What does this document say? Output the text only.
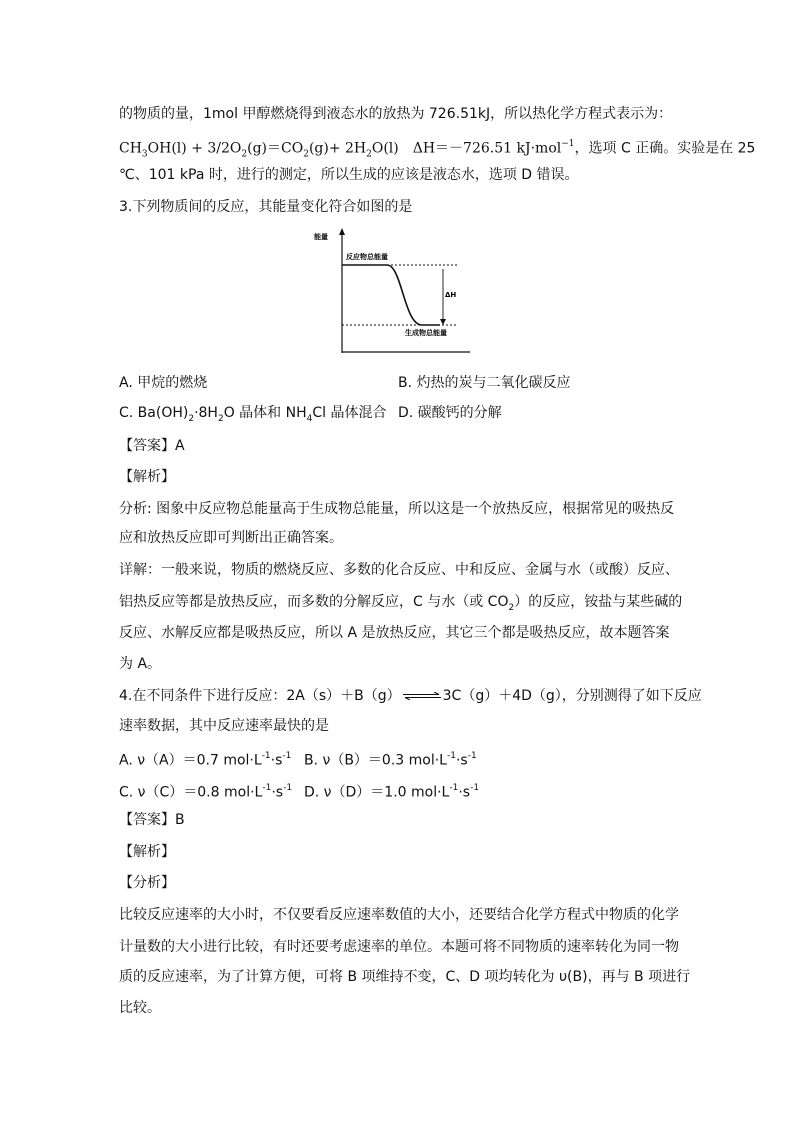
的物质的量，1mol 甲醇燃烧得到液态水的放热为 726.51kJ，所以热化学方程式表示为：
$CH_3OH(l) + 3/2O_2(g)=CO_2(g)+ 2H_2O(l)$　ΔH＝－726.51 kJ·mol$^{-1}$，选项 C 正确。实验是在 25
℃、101 kPa 时，进行的测定，所以生成的应该是液态水，选项 D 错误。
3.下列物质间的反应，其能量变化符合如图的是
能量
反应物总能量
生成物总能量
ΔH
A. 甲烷的燃烧	B. 灼热的炭与二氧化碳反应
C. $Ba(OH)_2\cdot 8H_2O$ 晶体和 $NH_4Cl$ 晶体混合 D. 碳酸钙的分解
【答案】A
【解析】
分析: 图象中反应物总能量高于生成物总能量，所以这是一个放热反应，根据常见的吸热反
应和放热反应即可判断出正确答案。
详解：一般来说，物质的燃烧反应、多数的化合反应、中和反应、金属与水（或酸）反应、
铝热反应等都是放热反应，而多数的分解反应，C 与水（或 $CO_2$）的反应，铵盐与某些碱的
反应、水解反应都是吸热反应，所以 A 是放热反应，其它三个都是吸热反应，故本题答案
为 A。
4.在不同条件下进行反应：2A（s）＋B（g） ⇌ 3C（g）＋4D（g），分别测得了如下反应
速率数据，其中反应速率最快的是
A. ν（A）＝0.7 $mol\cdot L^{-1}\cdot s^{-1}$ B. ν（B）＝0.3 $mol\cdot L^{-1}\cdot s^{-1}$
C. ν（C）＝0.8 $mol\cdot L^{-1}\cdot s^{-1}$ D. ν（D）＝1.0 $mol\cdot L^{-1}\cdot s^{-1}$
【答案】B
【解析】
【分析】
比较反应速率的大小时，不仅要看反应速率数值的大小，还要结合化学方程式中物质的化学
计量数的大小进行比较，有时还要考虑速率的单位。本题可将不同物质的速率转化为同一物
质的反应速率，为了计算方便，可将 B 项维持不变，C、D 项均转化为 υ(B)，再与 B 项进行
比较。
